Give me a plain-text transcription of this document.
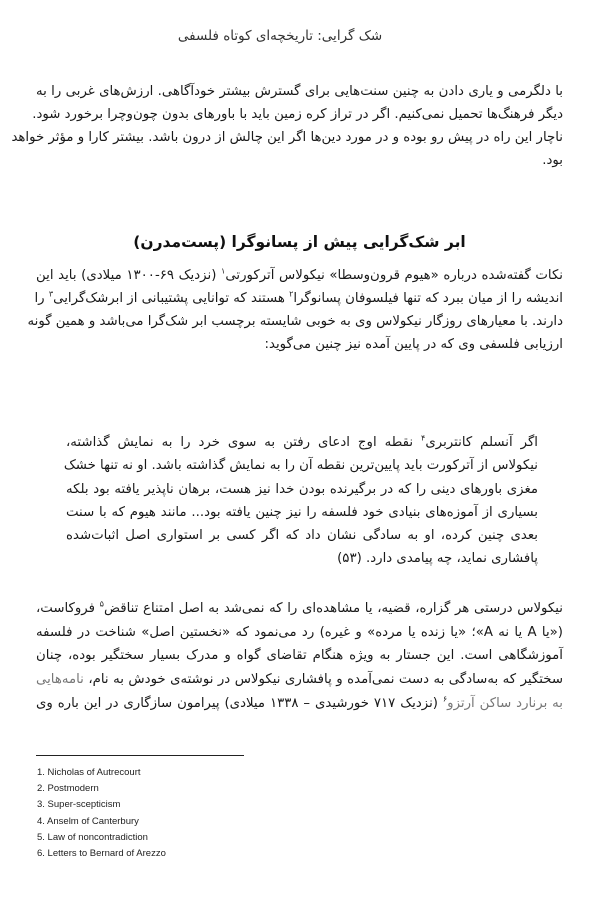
شک گرایی: تاریخچه‌ای کوتاه فلسفی
با دلگرمی و یاری دادن به چنین سنت‌هایی برای گسترش بیشتر خودآگاهی. ارزش‌های غربی را به
دیگر فرهنگ‌ها تحمیل نمی‌کنیم. اگر در تراز کره زمین باید با باورهای بدون چون‌وچرا برخورد شود.
ناچار این راه در پیش رو بوده و در مورد دین‌ها اگر این چالش از درون باشد. بیشتر کارا و مؤثر خواهد
بود.
ابر شک‌گرایی پیش از پسانوگرا (پست‌مدرن)
نکات گفته‌شده درباره «هیوم قرون‌وسطا» نیکولاس آترکورتی$^۱$ (نزدیک ۶۹-۱۳۰۰ میلادی) باید این
اندیشه را از میان ببرد که تنها فیلسوفان پسانوگرا$^۲$ هستند که توانایی پشتیبانی از ابرشک‌گرایی$^۳$ را
دارند. با معیارهای روزگار نیکولاس وی به خوبی شایسته برچسب ابر شک‌گرا می‌باشد و همین گونه
ارزیابی فلسفی وی که در پایین آمده نیز چنین می‌گوید:
اگر آنسلم کانتربری$^۴$ نقطه اوج ادعای رفتن به سوی خرد را به نمایش گذاشته،
نیکولاس از آترکورت باید پایین‌ترین نقطه آن را به نمایش گذاشته باشد. او نه تنها خشک
مغزی باورهای دینی را که در برگیرنده بودن خدا نیز هست، برهان ناپذیر یافته بود بلکه
بسیاری از آموزه‌های بنیادی خود فلسفه را نیز چنین یافته بود... مانند هیوم که با سنت
بعدی چنین کرده، او به سادگی نشان داد که اگر کسی بر استواری اصل اثبات‌شده
پافشاری نماید، چه پیامدی دارد. (۵۳)
نیکولاس درستی هر گزاره، قضیه، یا مشاهده‌ای را که نمی‌شد به اصل امتناع تناقض$^۵$ فروکاست،
(«یا A یا نه A»؛ «یا زنده یا مرده» و غیره) رد می‌نمود که «نخستین اصل» شناخت در فلسفه
آموزشگاهی است. این جستار به ویژه هنگام تقاضای گواه و مدرک بسیار سختگیر بوده، چنان
سختگیر که به‌سادگی به دست نمی‌آمده و پافشاری نیکولاس در نوشته‌ی خودش به نام، نامه‌هایی
به برنارد ساکن آرتزو$^۶$ (نزدیک ۷۱۷ خورشیدی – ۱۳۳۸ میلادی) پیرامون سازگاری در این باره وی
1. Nicholas of Autrecourt
2. Postmodern
3. Super-scepticism
4. Anselm of Canterbury
5. Law of noncontradiction
6. Letters to Bernard of Arezzo
